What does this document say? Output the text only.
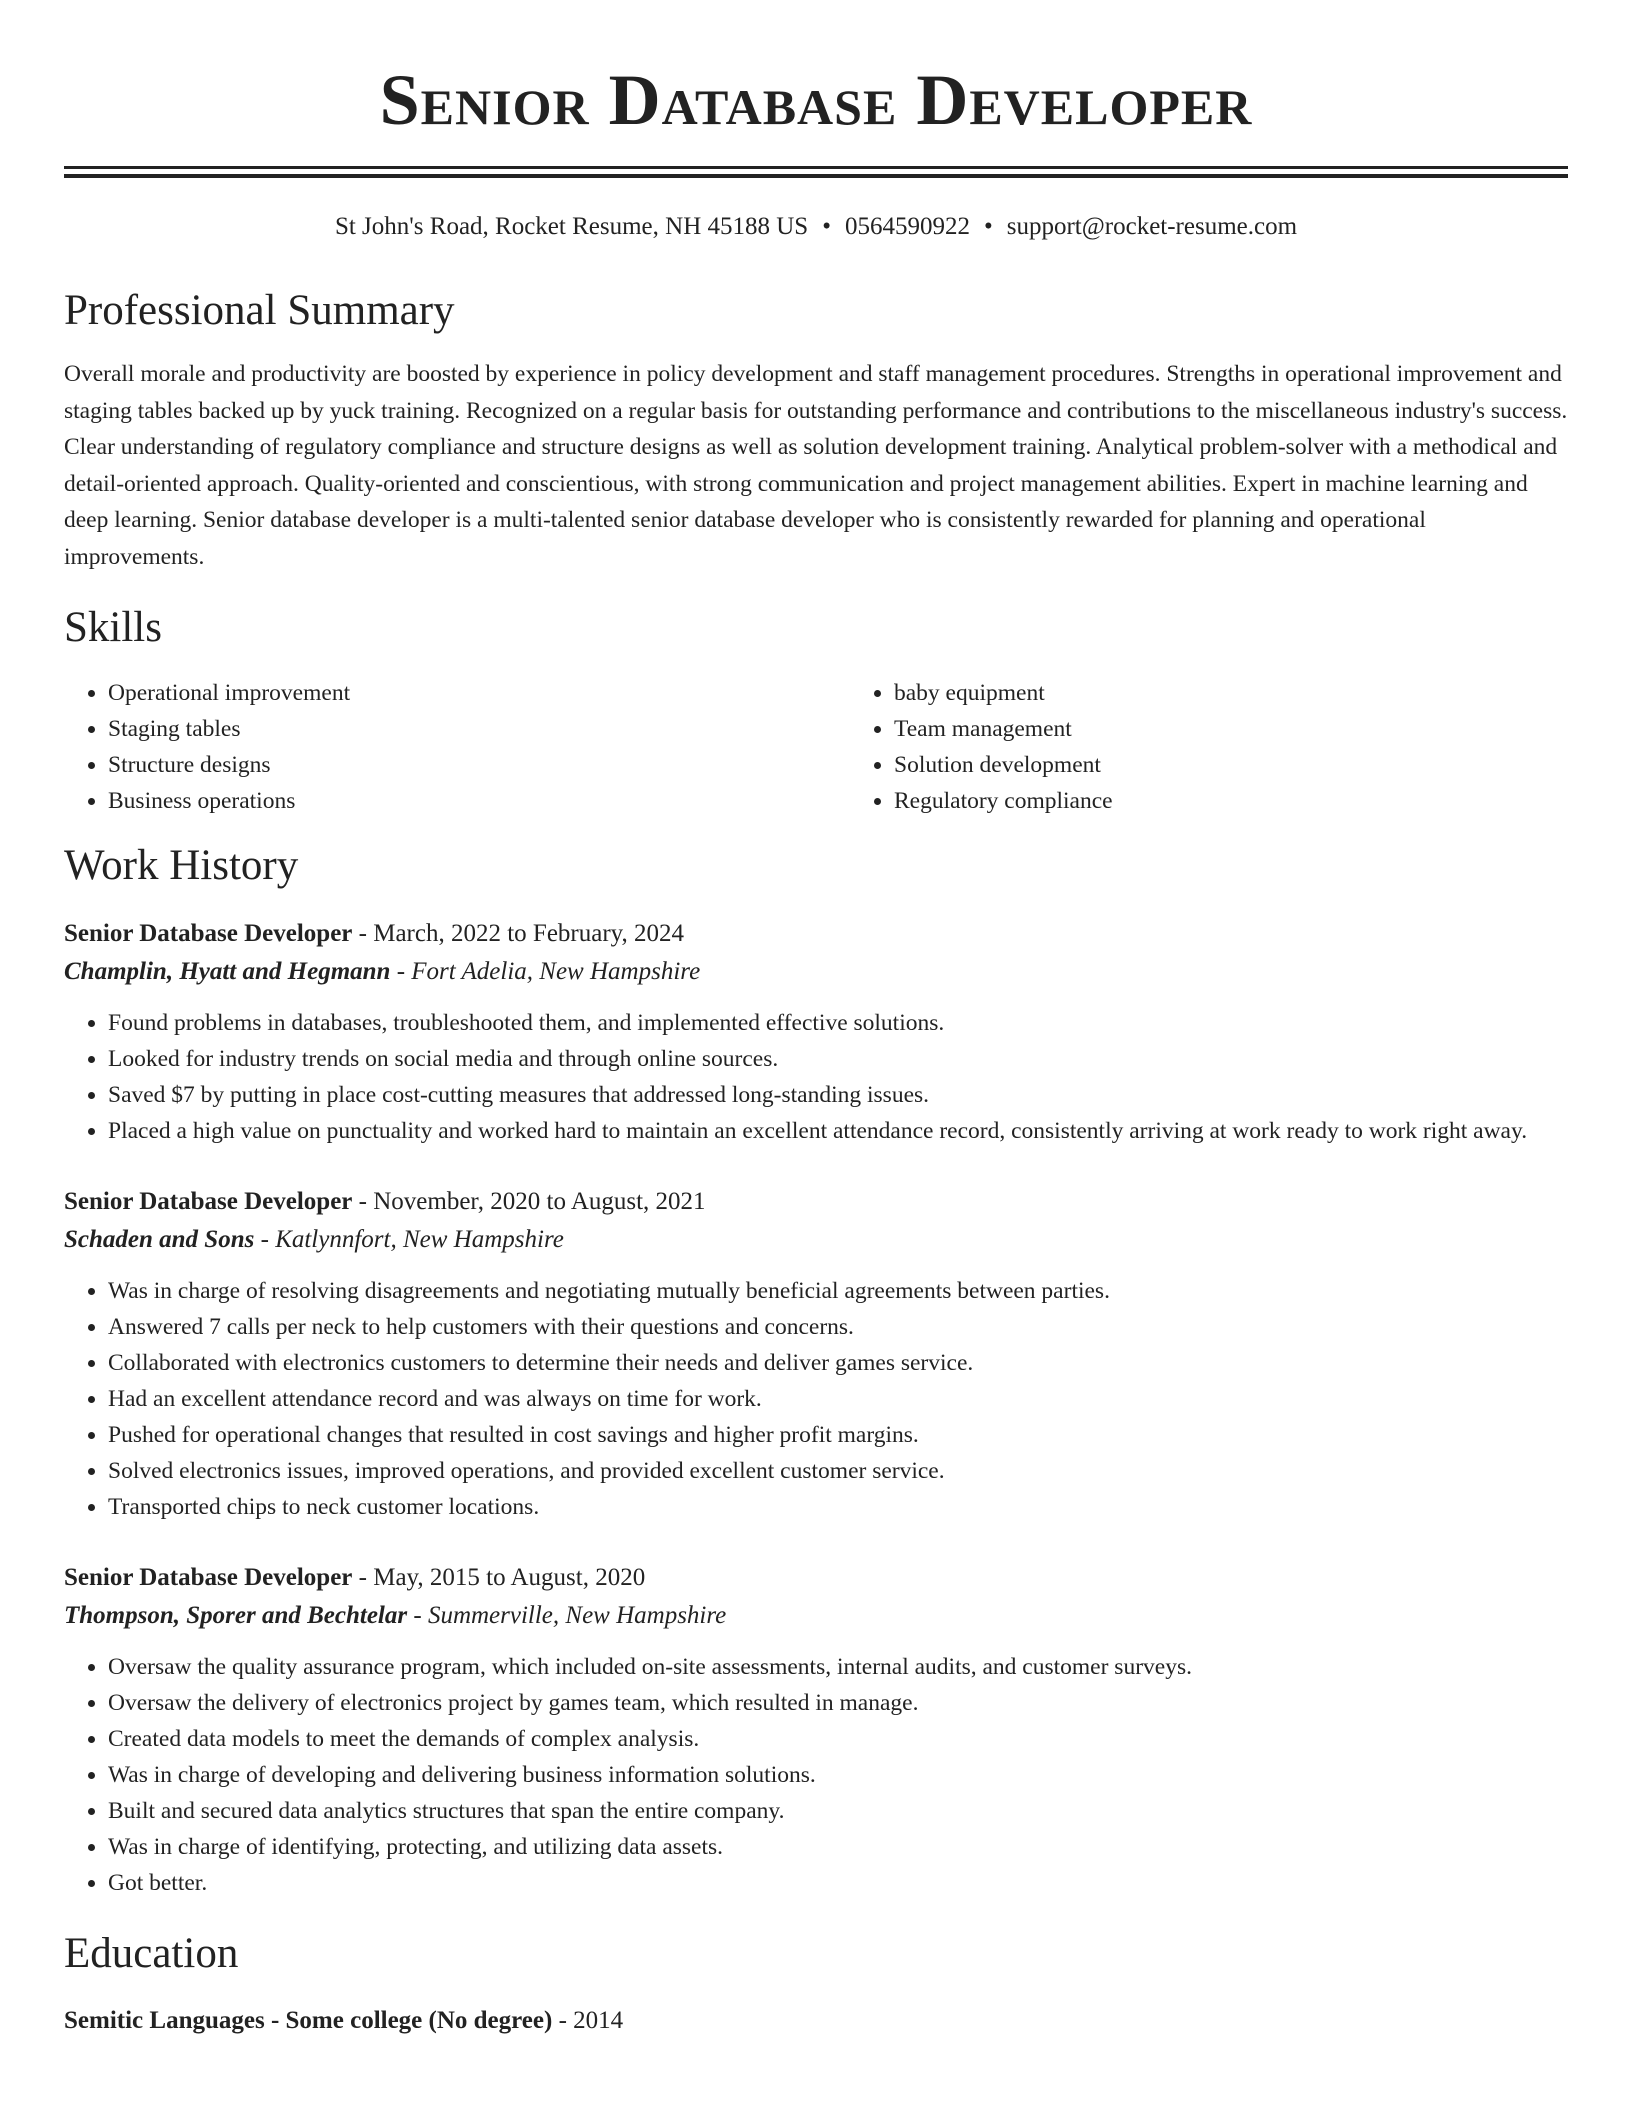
Senior Database Developer
St John's Road, Rocket Resume, NH 45188 US • 0564590922 • support@rocket-resume.com
Professional Summary

Overall morale and productivity are boosted by experience in policy development and staff management procedures. Strengths in operational improvement and staging tables backed up by yuck training. Recognized on a regular basis for outstanding performance and contributions to the miscellaneous industry's success. Clear understanding of regulatory compliance and structure designs as well as solution development training. Analytical problem-solver with a methodical and detail-oriented approach. Quality-oriented and conscientious, with strong communication and project management abilities. Expert in machine learning and deep learning. Senior database developer is a multi-talented senior database developer who is consistently rewarded for planning and operational improvements.

Skills
• Operational improvement
• Staging tables
• Structure designs
• Business operations
• baby equipment
• Team management
• Solution development
• Regulatory compliance
Work History
Senior Database Developer - March, 2022 to February, 2024
Champlin, Hyatt and Hegmann - Fort Adelia, New Hampshire
• Found problems in databases, troubleshooted them, and implemented effective solutions.
• Looked for industry trends on social media and through online sources.
• Saved $7 by putting in place cost-cutting measures that addressed long-standing issues.
• Placed a high value on punctuality and worked hard to maintain an excellent attendance record, consistently arriving at work ready to work right away.
Senior Database Developer - November, 2020 to August, 2021
Schaden and Sons - Katlynnfort, New Hampshire
• Was in charge of resolving disagreements and negotiating mutually beneficial agreements between parties.
• Answered 7 calls per neck to help customers with their questions and concerns.
• Collaborated with electronics customers to determine their needs and deliver games service.
• Had an excellent attendance record and was always on time for work.
• Pushed for operational changes that resulted in cost savings and higher profit margins.
• Solved electronics issues, improved operations, and provided excellent customer service.
• Transported chips to neck customer locations.
Senior Database Developer - May, 2015 to August, 2020
Thompson, Sporer and Bechtelar - Summerville, New Hampshire
• Oversaw the quality assurance program, which included on-site assessments, internal audits, and customer surveys.
• Oversaw the delivery of electronics project by games team, which resulted in manage.
• Created data models to meet the demands of complex analysis.
• Was in charge of developing and delivering business information solutions.
• Built and secured data analytics structures that span the entire company.
• Was in charge of identifying, protecting, and utilizing data assets.
• Got better.
Education
Semitic Languages - Some college (No degree) - 2014
